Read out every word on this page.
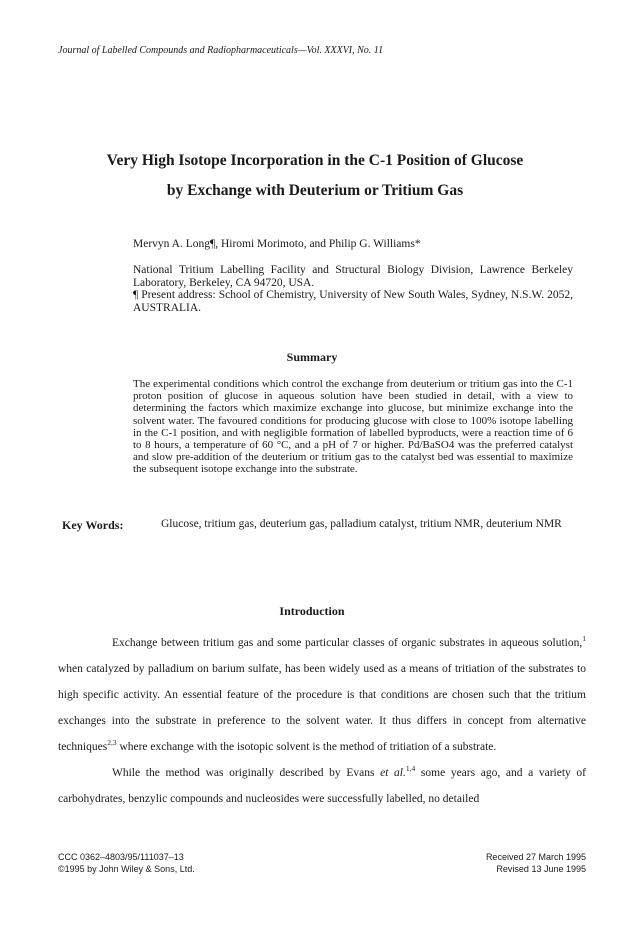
Journal of Labelled Compounds and Radiopharmaceuticals—Vol. XXXVI, No. 11
Very High Isotope Incorporation in the C-1 Position of Glucose
by Exchange with Deuterium or Tritium Gas
Mervyn A. Long¶, Hiromi Morimoto, and Philip G. Williams*
National Tritium Labelling Facility and Structural Biology Division, Lawrence Berkeley Laboratory, Berkeley, CA 94720, USA.
¶ Present address: School of Chemistry, University of New South Wales, Sydney, N.S.W. 2052, AUSTRALIA.
Summary
The experimental conditions which control the exchange from deuterium or tritium gas into the C-1 proton position of glucose in aqueous solution have been studied in detail, with a view to determining the factors which maximize exchange into glucose, but minimize exchange into the solvent water. The favoured conditions for producing glucose with close to 100% isotope labelling in the C-1 position, and with negligible formation of labelled byproducts, were a reaction time of 6 to 8 hours, a temperature of 60 °C, and a pH of 7 or higher. Pd/BaSO4 was the preferred catalyst and slow pre-addition of the deuterium or tritium gas to the catalyst bed was essential to maximize the subsequent isotope exchange into the substrate.
Key Words:	Glucose, tritium gas, deuterium gas, palladium catalyst, tritium NMR, deuterium NMR
Introduction

Exchange between tritium gas and some particular classes of organic substrates in aqueous solution,$^1$ when catalyzed by palladium on barium sulfate, has been widely used as a means of tritiation of the substrates to high specific activity. An essential feature of the procedure is that conditions are chosen such that the tritium exchanges into the substrate in preference to the solvent water. It thus differs in concept from alternative techniques$^{2,3}$ where exchange with the isotopic solvent is the method of tritiation of a substrate.

While the method was originally described by Evans et al.$^{1,4}$ some years ago, and a variety of carbohydrates, benzylic compounds and nucleosides were successfully labelled, no detailed

CCC 0362–4803/95/111037–13
©1995 by John Wiley & Sons, Ltd.
Received 27 March 1995
Revised 13 June 1995
